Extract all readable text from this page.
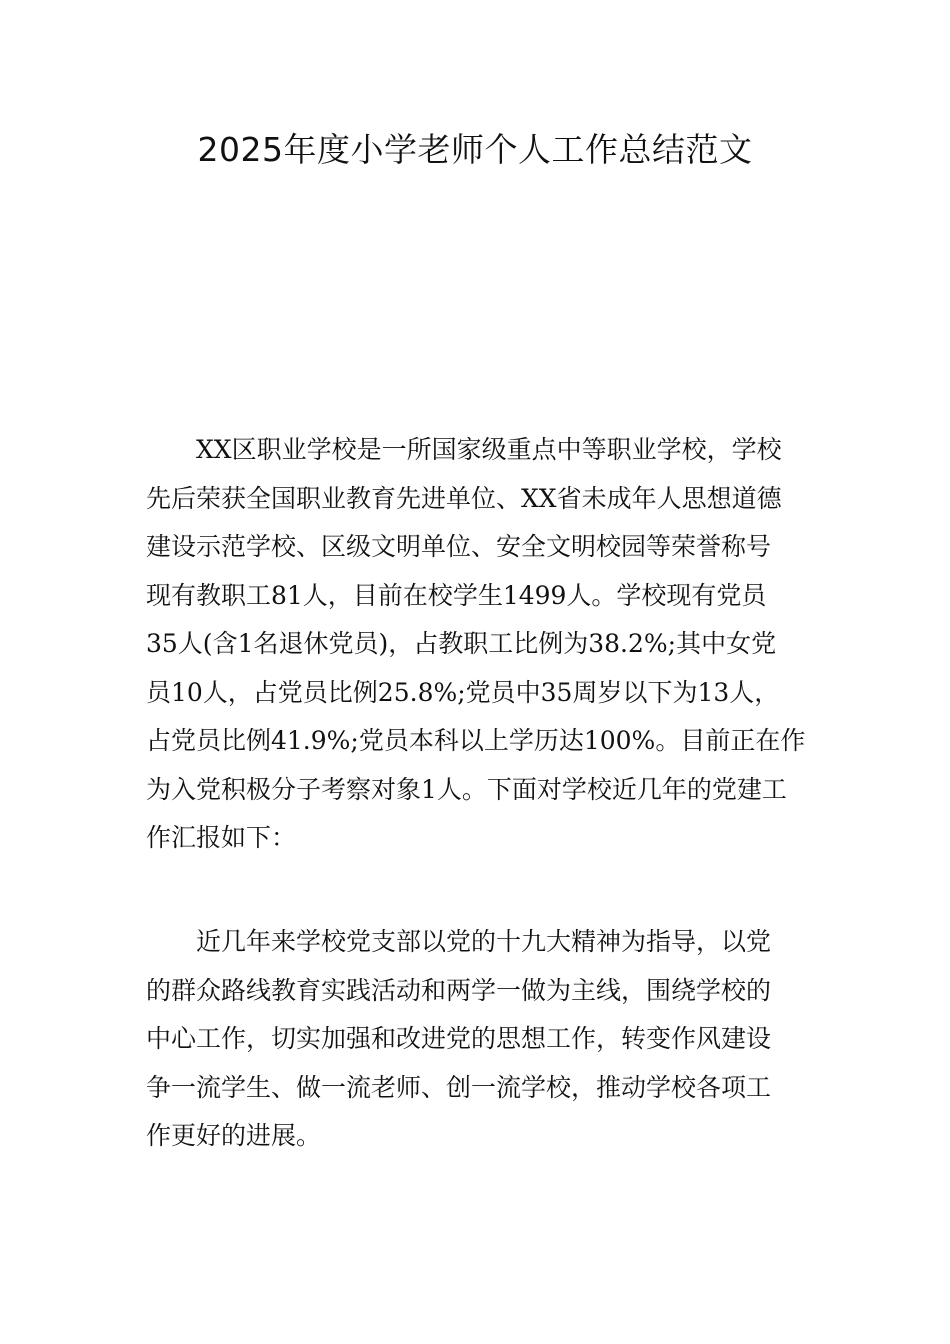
2025年度小学老师个人工作总结范文

XX区职业学校是一所国家级重点中等职业学校，学校
先后荣获全国职业教育先进单位、XX省未成年人思想道德
建设示范学校、区级文明单位、安全文明校园等荣誉称号
现有教职工81人，目前在校学生1499人。学校现有党员
35人(含1名退休党员)，占教职工比例为38.2%;其中女党
员10人，占党员比例25.8%;党员中35周岁以下为13人，
占党员比例41.9%;党员本科以上学历达100%。目前正在作
为入党积极分子考察对象1人。下面对学校近几年的党建工
作汇报如下：

近几年来学校党支部以党的十九大精神为指导，以党
的群众路线教育实践活动和两学一做为主线，围绕学校的
中心工作，切实加强和改进党的思想工作，转变作风建设
争一流学生、做一流老师、创一流学校，推动学校各项工
作更好的进展。
